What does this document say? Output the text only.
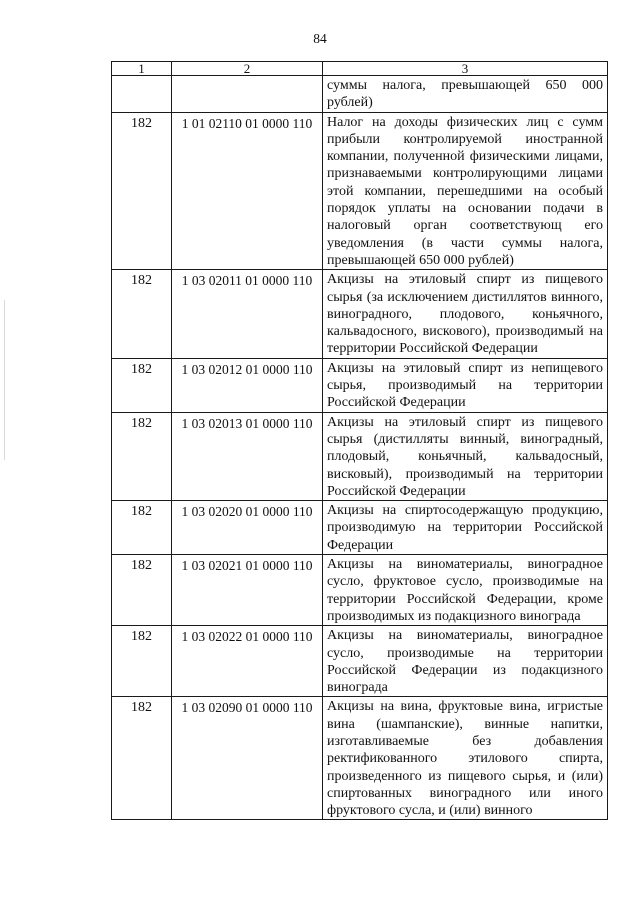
84
1	2	3

		суммы налога, превышающей 650 000 рублей)

182	1 01 02110 01 0000 110	Налог на доходы физических лиц с сумм прибыли контролируемой иностранной компании, полученной физическими лицами, признаваемыми контролирующими лицами этой компании, перешедшими на особый порядок уплаты на основании подачи в налоговый орган соответствующ его уведомления (в части суммы налога, превышающей 650 000 рублей)

182	1 03 02011 01 0000 110	Акцизы на этиловый спирт из пищевого сырья (за исключением дистиллятов винного, виноградного, плодового, коньячного, кальвадосного, вискового), производимый на территории Российской Федерации

182	1 03 02012 01 0000 110	Акцизы на этиловый спирт из непищевого сырья, производимый на территории Российской Федерации

182	1 03 02013 01 0000 110	Акцизы на этиловый спирт из пищевого сырья (дистилляты винный, виноградный, плодовый, коньячный, кальвадосный, висковый), производимый на территории Российской Федерации

182	1 03 02020 01 0000 110	Акцизы на спиртосодержащую продукцию, производимую на территории Российской Федерации

182	1 03 02021 01 0000 110	Акцизы на виноматериалы, виноградное сусло, фруктовое сусло, производимые на территории Российской Федерации, кроме производимых из подакцизного винограда

182	1 03 02022 01 0000 110	Акцизы на виноматериалы, виноградное сусло, производимые на территории Российской Федерации из подакцизного винограда

182	1 03 02090 01 0000 110	Акцизы на вина, фруктовые вина, игристые вина (шампанские), винные напитки, изготавливаемые без добавления ректификованного этилового спирта, произведенного из пищевого сырья, и (или) спиртованных виноградного или иного фруктового сусла, и (или) винного
